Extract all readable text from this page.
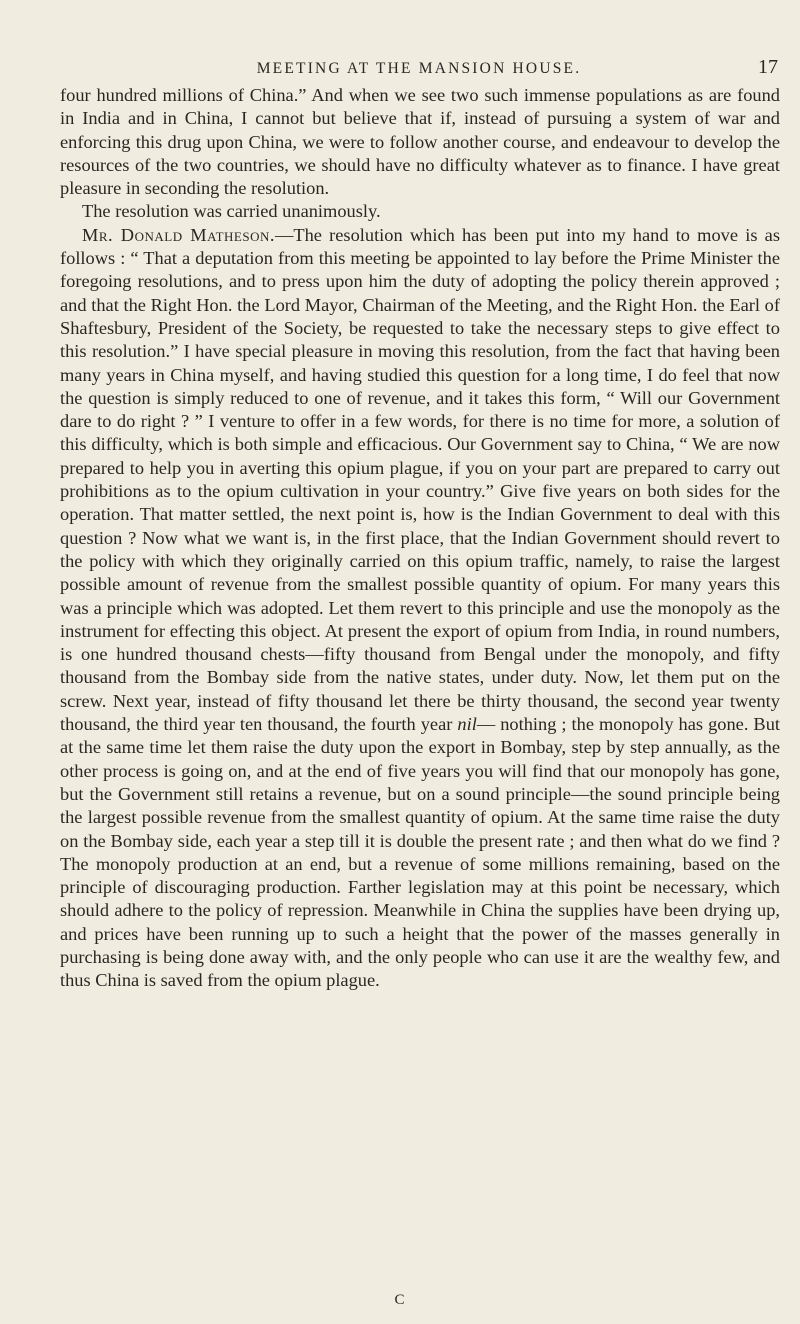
MEETING AT THE MANSION HOUSE.	17

four hundred millions of China.” And when we see two such immense populations as are found in India and in China, I cannot but believe that if, instead of pursuing a system of war and enforcing this drug upon China, we were to follow another course, and endeavour to develop the resources of the two countries, we should have no difficulty whatever as to finance. I have great pleasure in seconding the resolution.

The resolution was carried unanimously.

Mr. Donald Matheson.—The resolution which has been put into my hand to move is as follows : “ That a deputation from this meeting be appointed to lay before the Prime Minister the foregoing resolutions, and to press upon him the duty of adopting the policy therein approved ; and that the Right Hon. the Lord Mayor, Chairman of the Meeting, and the Right Hon. the Earl of Shaftesbury, President of the Society, be requested to take the necessary steps to give effect to this resolution.” I have special pleasure in moving this resolution, from the fact that having been many years in China myself, and having studied this question for a long time, I do feel that now the question is simply reduced to one of revenue, and it takes this form, “ Will our Government dare to do right ? ” I venture to offer in a few words, for there is no time for more, a solution of this difficulty, which is both simple and efficacious. Our Government say to China, “ We are now prepared to help you in averting this opium plague, if you on your part are prepared to carry out prohibitions as to the opium cultivation in your country.” Give five years on both sides for the operation. That matter settled, the next point is, how is the Indian Government to deal with this question ? Now what we want is, in the first place, that the Indian Government should revert to the policy with which they originally carried on this opium traffic, namely, to raise the largest possible amount of revenue from the smallest possible quantity of opium. For many years this was a principle which was adopted. Let them revert to this principle and use the monopoly as the instrument for effecting this object. At present the export of opium from India, in round numbers, is one hundred thousand chests—fifty thousand from Bengal under the monopoly, and fifty thousand from the Bombay side from the native states, under duty. Now, let them put on the screw. Next year, instead of fifty thousand let there be thirty thousand, the second year twenty thousand, the third year ten thousand, the fourth year nil— nothing ; the monopoly has gone. But at the same time let them raise the duty upon the export in Bombay, step by step annually, as the other process is going on, and at the end of five years you will find that our monopoly has gone, but the Government still retains a revenue, but on a sound principle—the sound principle being the largest possible revenue from the smallest quantity of opium. At the same time raise the duty on the Bombay side, each year a step till it is double the present rate ; and then what do we find ? The monopoly production at an end, but a revenue of some millions remaining, based on the principle of discouraging production. Farther legislation may at this point be necessary, which should adhere to the policy of repression. Meanwhile in China the supplies have been drying up, and prices have been running up to such a height that the power of the masses generally in purchasing is being done away with, and the only people who can use it are the wealthy few, and thus China is saved from the opium plague.

C
